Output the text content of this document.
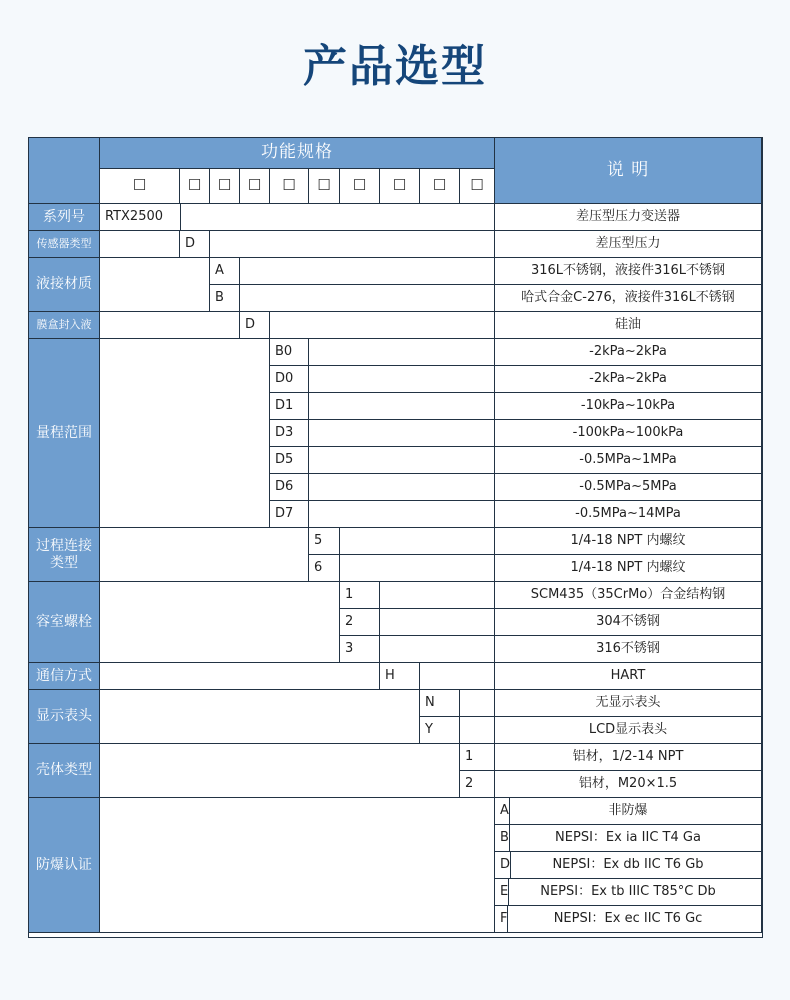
产品选型
功能规格
说 明
☐	☐	☐	☐	☐	☐	☐	☐	☐	☐
系列号	RTX2500	差压型压力变送器
传感器类型	D	差压型压力
液接材质
A	316L不锈钢，液接件316L不锈钢
B	哈式合金C-276，液接件316L不锈钢
膜盒封入液	D	硅油
量程范围
B0	-2kPa~2kPa
D0	-2kPa~2kPa
D1	-10kPa~10kPa
D3	-100kPa~100kPa
D5	-0.5MPa~1MPa
D6	-0.5MPa~5MPa
D7	-0.5MPa~14MPa
过程连接类型
5	1/4-18 NPT 内螺纹
6	1/4-18 NPT 内螺纹
容室螺栓
1	SCM435（35CrMo）合金结构钢
2	304不锈钢
3	316不锈钢
通信方式	H	HART
显示表头
N	无显示表头
Y	LCD显示表头
壳体类型
1	铝材，1/2-14 NPT
2	铝材，M20×1.5
防爆认证
A	非防爆
B	NEPSI：Ex ia IIC T4 Ga
D	NEPSI：Ex db IIC T6 Gb
E	NEPSI：Ex tb IIIC T85°C Db
F	NEPSI：Ex ec IIC T6 Gc
